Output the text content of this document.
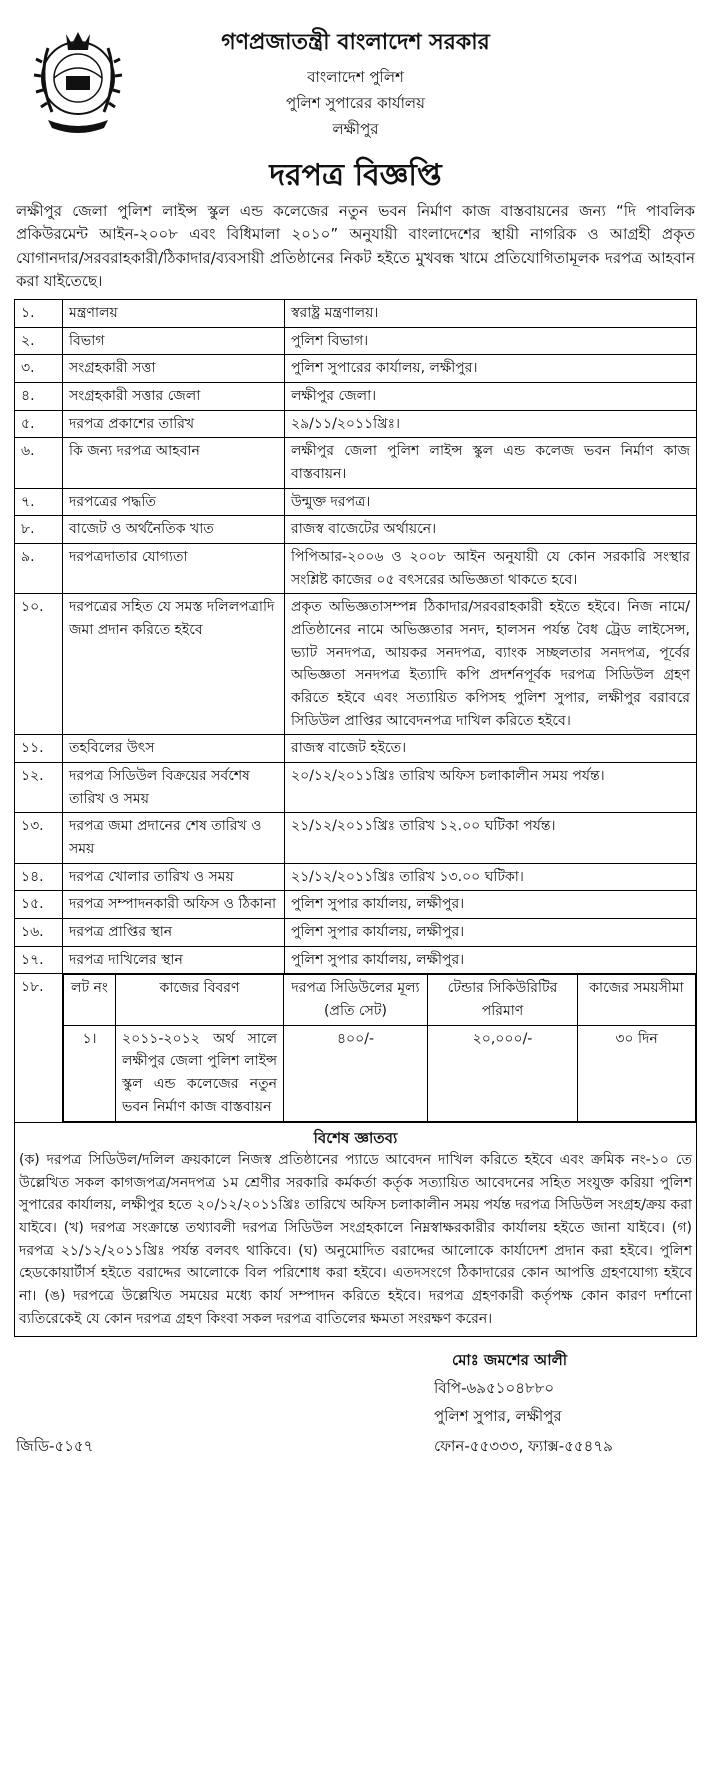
গণপ্রজাতন্ত্রী বাংলাদেশ সরকার
বাংলাদেশ পুলিশ
পুলিশ সুপারের কার্যালয়
লক্ষীপুর
দরপত্র বিজ্ঞপ্তি
লক্ষীপুর জেলা পুলিশ লাইন্স স্কুল এন্ড কলেজের নতুন ভবন নির্মাণ কাজ বাস্তবায়নের জন্য “দি পাবলিক প্রকিউরমেন্ট আইন-২০০৮ এবং বিধিমালা ২০১০” অনুযায়ী বাংলাদেশের স্থায়ী নাগরিক ও আগ্রহী প্রকৃত যোগানদার/সরবরাহকারী/ঠিকাদার/ব্যবসায়ী প্রতিষ্ঠানের নিকট হইতে মুখবন্ধ খামে প্রতিযোগিতামূলক দরপত্র আহবান করা যাইতেছে।
১.	মন্ত্রণালয়	স্বরাষ্ট্র মন্ত্রণালয়।
২.	বিভাগ	পুলিশ বিভাগ।
৩.	সংগ্রহকারী সত্তা	পুলিশ সুপারের কার্যালয়, লক্ষীপুর।
৪.	সংগ্রহকারী সত্তার জেলা	লক্ষীপুর জেলা।
৫.	দরপত্র প্রকাশের তারিখ	২৯/১১/২০১১খ্রিঃ।
৬.	কি জন্য দরপত্র আহবান	লক্ষীপুর জেলা পুলিশ লাইন্স স্কুল এন্ড কলেজ ভবন নির্মাণ কাজ বাস্তবায়ন।
৭.	দরপত্রের পদ্ধতি	উন্মুক্ত দরপত্র।
৮.	বাজেট ও অর্থনৈতিক খাত	রাজস্ব বাজেটের অর্থায়নে।
৯.	দরপত্রদাতার যোগ্যতা	পিপিআর-২০০৬ ও ২০০৮ আইন অনুযায়ী যে কোন সরকারি সংস্থার সংশ্লিষ্ট কাজের ০৫ বৎসরের অভিজ্ঞতা থাকতে হবে।
১০.	দরপত্রের সহিত যে সমস্ত দলিলপত্রাদি জমা প্রদান করিতে হইবে	প্রকৃত অভিজ্ঞতাসম্পন্ন ঠিকাদার/সরবরাহকারী হইতে হইবে। নিজ নামে/প্রতিষ্ঠানের নামে অভিজ্ঞতার সনদ, হালসন পর্যন্ত বৈধ ট্রেড লাইসেন্স, ভ্যাট সনদপত্র, আয়কর সনদপত্র, ব্যাংক সচ্ছলতার সনদপত্র, পূর্বের অভিজ্ঞতা সনদপত্র ইত্যাদি কপি প্রদর্শনপূর্বক দরপত্র সিডিউল গ্রহণ করিতে হইবে এবং সত্যায়িত কপিসহ পুলিশ সুপার, লক্ষীপুর বরাবরে সিডিউল প্রাপ্তির আবেদনপত্র দাখিল করিতে হইবে।
১১.	তহবিলের উৎস	রাজস্ব বাজেট হইতে।
১২.	দরপত্র সিডিউল বিক্রয়ের সর্বশেষ তারিখ ও সময়	২০/১২/২০১১খ্রিঃ তারিখ অফিস চলাকালীন সময় পর্যন্ত।
১৩.	দরপত্র জমা প্রদানের শেষ তারিখ ও সময়	২১/১২/২০১১খ্রিঃ তারিখ ১২.০০ ঘটিকা পর্যন্ত।
১৪.	দরপত্র খোলার তারিখ ও সময়	২১/১২/২০১১খ্রিঃ তারিখ ১৩.০০ ঘটিকা।
১৫.	দরপত্র সম্পাদনকারী অফিস ও ঠিকানা	পুলিশ সুপার কার্যালয়, লক্ষীপুর।
১৬.	দরপত্র প্রাপ্তির স্থান	পুলিশ সুপার কার্যালয়, লক্ষীপুর।
১৭.	দরপত্র দাখিলের স্থান	পুলিশ সুপার কার্যালয়, লক্ষীপুর।
১৮.	লট নং	কাজের বিবরণ	দরপত্র সিডিউলের মূল্য (প্রতি সেট)	টেন্ডার সিকিউরিটির পরিমাণ	কাজের সময়সীমা
১।	২০১১-২০১২ অর্থ সালে লক্ষীপুর জেলা পুলিশ লাইন্স স্কুল এন্ড কলেজের নতুন ভবন নির্মাণ কাজ বাস্তবায়ন	৪০০/-	২০,০০০/-	৩০ দিন
বিশেষ জ্ঞাতব্য
(ক) দরপত্র সিডিউল/দলিল ক্রয়কালে নিজস্ব প্রতিষ্ঠানের প্যাডে আবেদন দাখিল করিতে হইবে এবং ক্রমিক নং-১০ তে উল্লেখিত সকল কাগজপত্র/সনদপত্র ১ম শ্রেণীর সরকারি কর্মকর্তা কর্তৃক সত্যায়িত আবেদনের সহিত সংযুক্ত করিয়া পুলিশ সুপারের কার্যালয়, লক্ষীপুর হতে ২০/১২/২০১১খ্রিঃ তারিখে অফিস চলাকালীন সময় পর্যন্ত দরপত্র সিডিউল সংগ্রহ/ক্রয় করা যাইবে। (খ) দরপত্র সংক্রান্তে তথ্যাবলী দরপত্র সিডিউল সংগ্রহকালে নিম্নস্বাক্ষরকারীর কার্যালয় হইতে জানা যাইবে। (গ) দরপত্র ২১/১২/২০১১খ্রিঃ পর্যন্ত বলবৎ থাকিবে। (ঘ) অনুমোদিত বরাদ্দের আলোকে কার্যাদেশ প্রদান করা হইবে। পুলিশ হেডকোয়ার্টার্স হইতে বরাদ্দের আলোকে বিল পরিশোধ করা হইবে। এতদসংগে ঠিকাদারের কোন আপত্তি গ্রহণযোগ্য হইবে না। (ঙ) দরপত্রে উল্লেখিত সময়ের মধ্যে কার্য সম্পাদন করিতে হইবে। দরপত্র গ্রহণকারী কর্তৃপক্ষ কোন কারণ দর্শানো ব্যতিরেকেই যে কোন দরপত্র গ্রহণ কিংবা সকল দরপত্র বাতিলের ক্ষমতা সংরক্ষণ করেন।
মোঃ জমশের আলী
বিপি-৬৯৫১০৪৮৮০
পুলিশ সুপার, লক্ষীপুর
ফোন-৫৫৩৩৩, ফ্যাক্স-৫৫৪৭৯
জিডি-৫১৫৭
